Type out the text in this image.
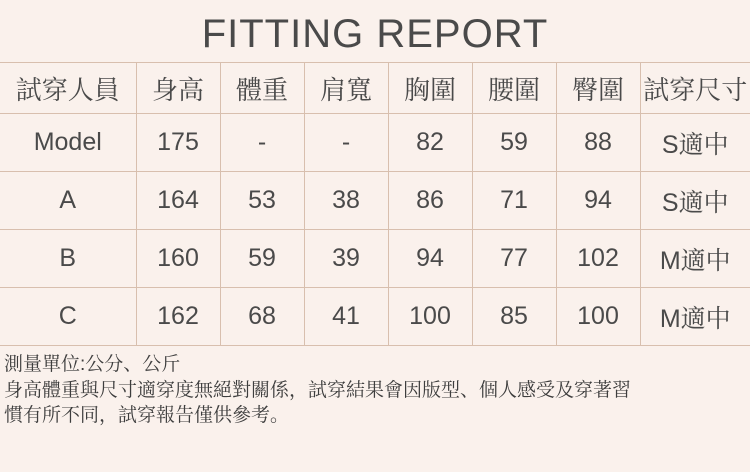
FITTING REPORT
試穿人員	身高	體重	肩寬	胸圍	腰圍	臀圍	試穿尺寸
Model	175	-	-	82	59	88	S適中
A	164	53	38	86	71	94	S適中
B	160	59	39	94	77	102	M適中
C	162	68	41	100	85	100	M適中
測量單位:公分、公斤
身高體重與尺寸適穿度無絕對關係，試穿結果會因版型、個人感受及穿著習
慣有所不同，試穿報告僅供參考。
